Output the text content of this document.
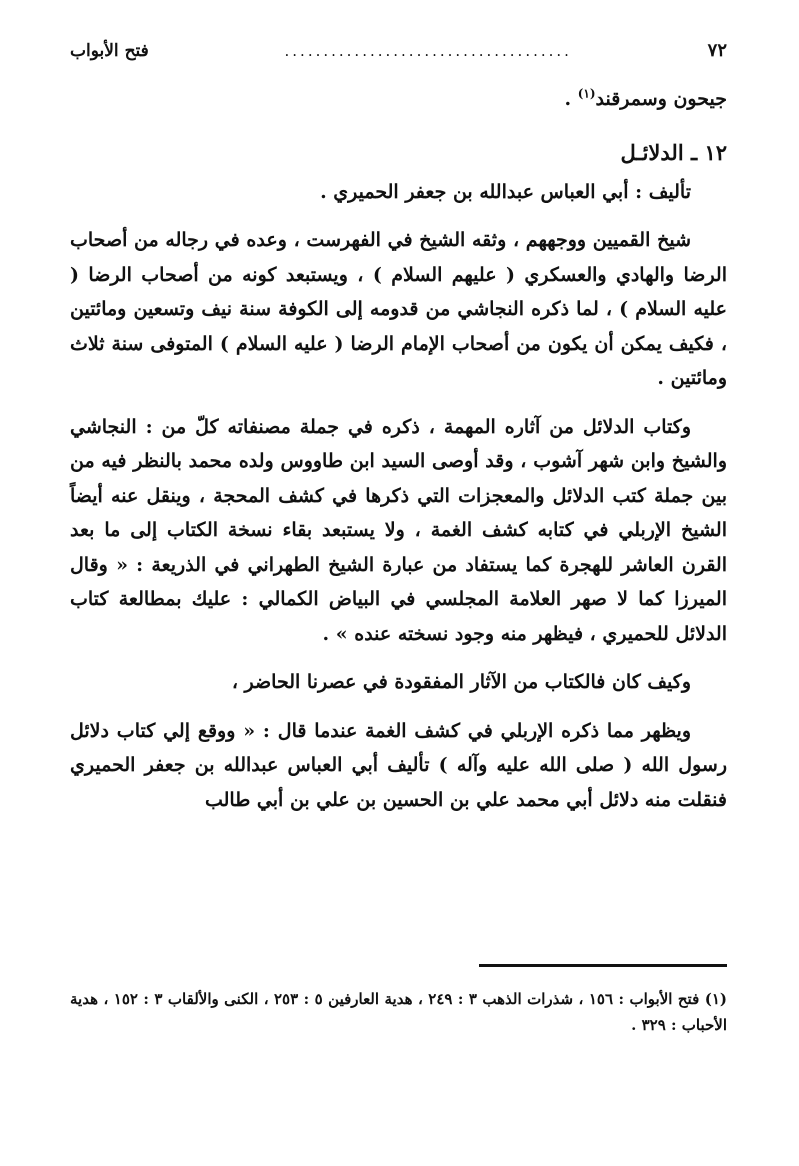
٧٢
.....................................
فتح الأبواب

جيحون وسمرقند$^{(١)}$ .

١٢ ـ الدلائـل

تأليف : أبي العباس عبدالله بن جعفر الحميري .

شيخ القميين ووجههم ، وثقه الشيخ في الفهرست ، وعده في رجاله من أصحاب الرضا والهادي والعسكري ( عليهم السلام ) ، ويستبعد كونه من أصحاب الرضا ( عليه السلام ) ، لما ذكره النجاشي من قدومه إلى الكوفة سنة نيف وتسعين ومائتين ، فكيف يمكن أن يكون من أصحاب الإمام الرضا ( عليه السلام ) المتوفى سنة ثلاث ومائتين .

وكتاب الدلائل من آثاره المهمة ، ذكره في جملة مصنفاته كلّ من : النجاشي والشيخ وابن شهر آشوب ، وقد أوصى السيد ابن طاووس ولده محمد بالنظر فيه من بين جملة كتب الدلائل والمعجزات التي ذكرها في كشف المحجة ، وينقل عنه أيضاً الشيخ الإربلي في كتابه كشف الغمة ، ولا يستبعد بقاء نسخة الكتاب إلى ما بعد القرن العاشر للهجرة كما يستفاد من عبارة الشيخ الطهراني في الذريعة : « وقال الميرزا كما لا صهر العلامة المجلسي في البياض الكمالي : عليك بمطالعة كتاب الدلائل للحميري ، فيظهر منه وجود نسخته عنده » .

وكيف كان فالكتاب من الآثار المفقودة في عصرنا الحاضر ،

ويظهر مما ذكره الإربلي في كشف الغمة عندما قال : « ووقع إلي كتاب دلائل رسول الله ( صلى الله عليه وآله ) تأليف أبي العباس عبدالله بن جعفر الحميري فنقلت منه دلائل أبي محمد علي بن الحسين بن علي بن أبي طالب

(١) فتح الأبواب : ١٥٦ ، شذرات الذهب ٣ : ٢٤٩ ، هدية العارفين ٥ : ٢٥٣ ، الكنى والألقاب ٣ : ١٥٢ ، هدية الأحباب : ٣٢٩ .
